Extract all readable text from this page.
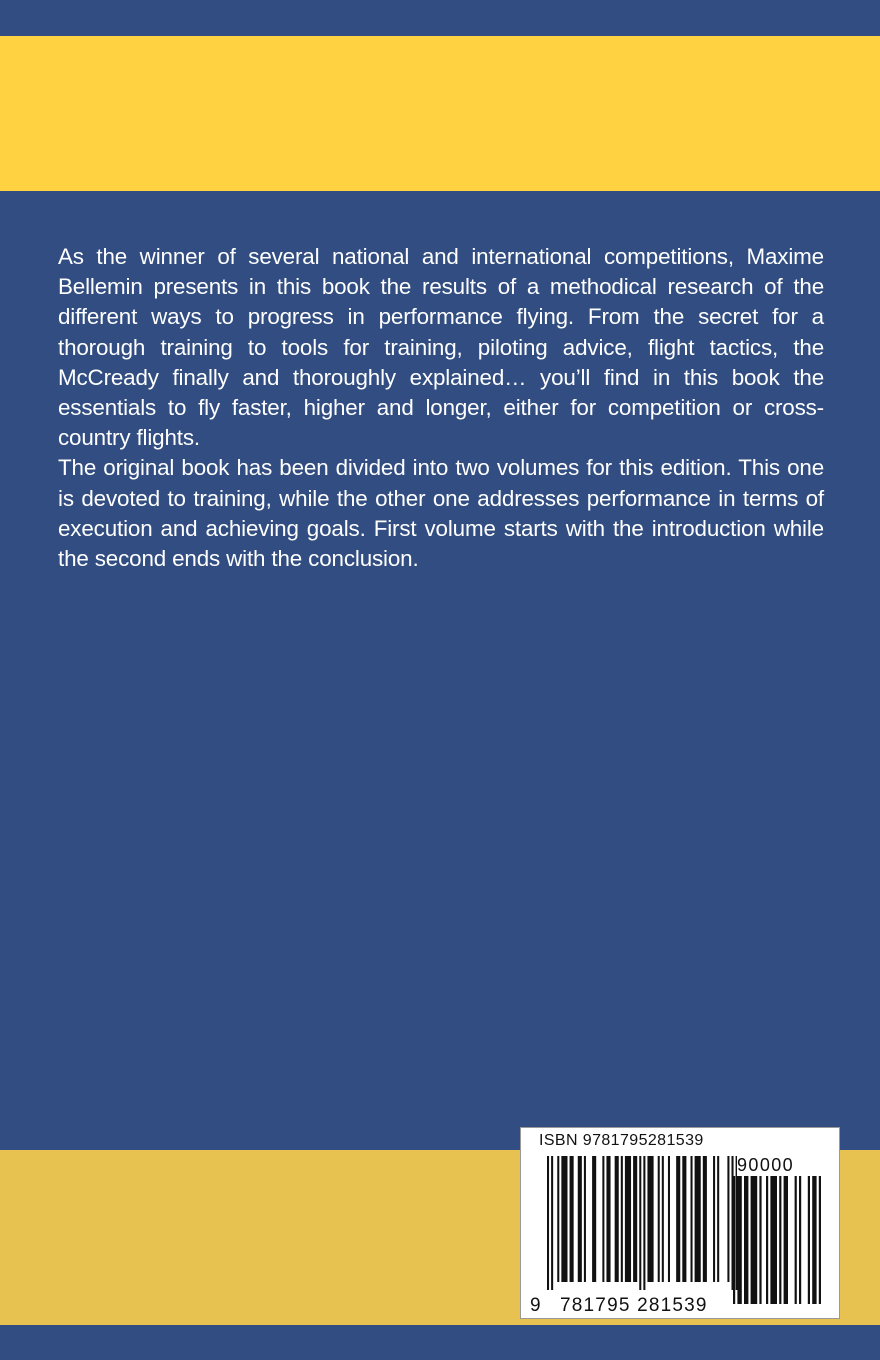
As the winner of several national and international competitions, Maxime Bellemin presents in this book the results of a methodical research of the different ways to progress in performance flying. From the secret for a thorough training to tools for training, piloting advice, flight tactics, the McCready finally and thoroughly explained… you’ll find in this book the essentials to fly faster, higher and longer, either for competition or cross-country flights.

The original book has been divided into two volumes for this edition. This one is devoted to training, while the other one addresses performance in terms of execution and achieving goals. First volume starts with the introduction while the second ends with the conclusion.

ISBN 9781795281539
9 781795 281539
90000
